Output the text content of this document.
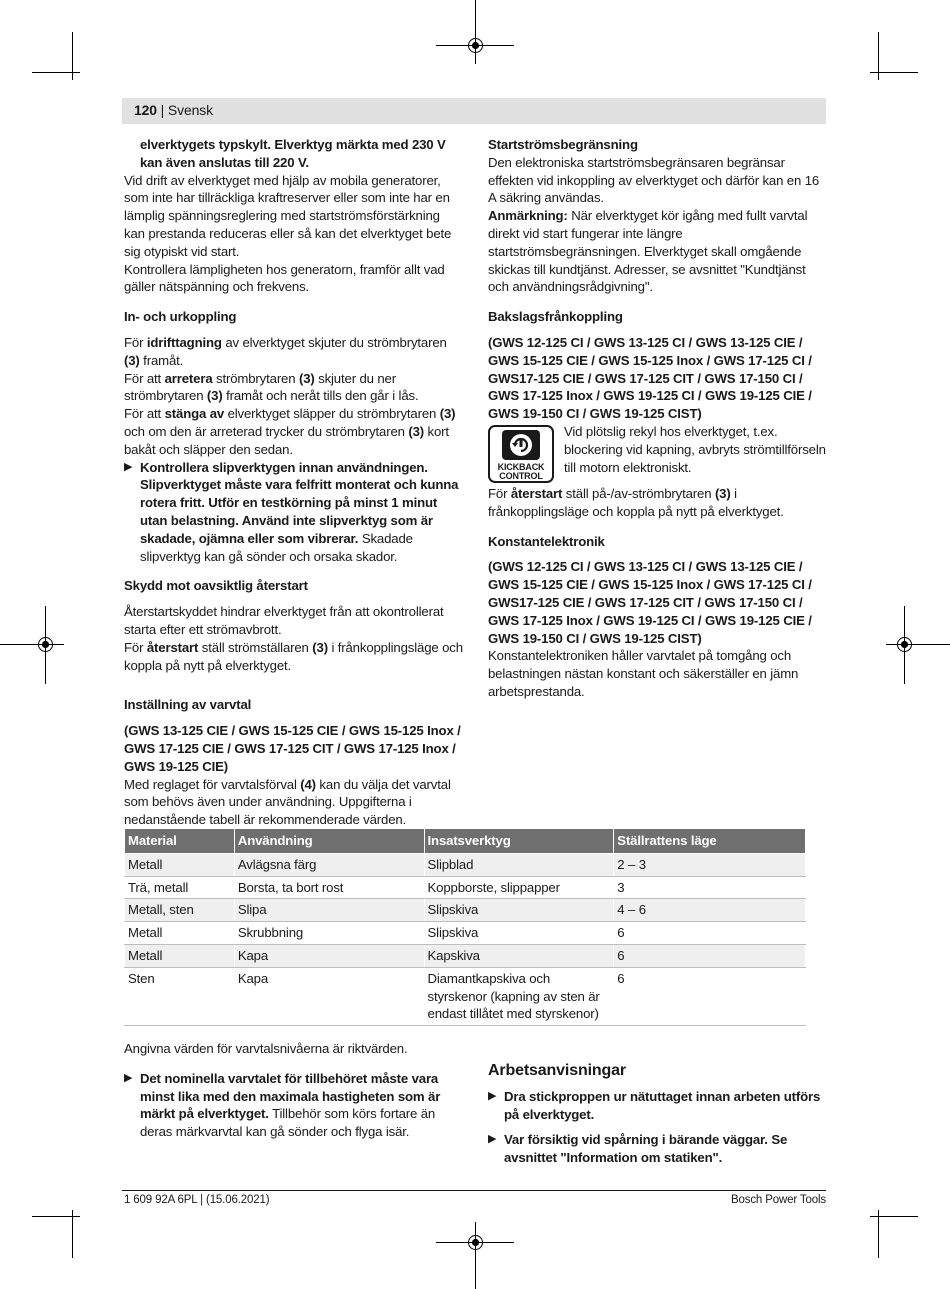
120 | Svensk

elverktygets typskylt. Elverktyg märkta med 230 V kan även anslutas till 220 V.

Vid drift av elverktyget med hjälp av mobila generatorer, som inte har tillräckliga kraftreserver eller som inte har en lämplig spänningsreglering med startströmsförstärkning kan prestanda reduceras eller så kan det elverktyget bete sig otypiskt vid start.

Kontrollera lämpligheten hos generatorn, framför allt vad gäller nätspänning och frekvens.

In- och urkoppling

För idrifttagning av elverktyget skjuter du strömbrytaren (3) framåt.

För att arretera strömbrytaren (3) skjuter du ner strömbrytaren (3) framåt och neråt tills den går i lås.

För att stänga av elverktyget släpper du strömbrytaren (3) och om den är arreterad trycker du strömbrytaren (3) kort bakåt och släpper den sedan.

▶ Kontrollera slipverktygen innan användningen. Slipverktyget måste vara felfritt monterat och kunna rotera fritt. Utför en testkörning på minst 1 minut utan belastning. Använd inte slipverktyg som är skadade, ojämna eller som vibrerar. Skadade slipverktyg kan gå sönder och orsaka skador.

Skydd mot oavsiktlig återstart

Återstartskyddet hindrar elverktyget från att okontrollerat starta efter ett strömavbrott.

För återstart ställ strömställaren (3) i frånkopplingsläge och koppla på nytt på elverktyget.

Inställning av varvtal

(GWS 13-125 CIE / GWS 15-125 CIE / GWS 15-125 Inox / GWS 17-125 CIE / GWS 17-125 CIT / GWS 17-125 Inox / GWS 19-125 CIE)

Med reglaget för varvtalsförval (4) kan du välja det varvtal som behövs även under användning. Uppgifterna i nedanstående tabell är rekommenderade värden.

Startströmsbegränsning

Den elektroniska startströmsbegränsaren begränsar effekten vid inkoppling av elverktyget och därför kan en 16 A säkring användas.

Anmärkning: När elverktyget kör igång med fullt varvtal direkt vid start fungerar inte längre startströmsbegränsningen. Elverktyget skall omgående skickas till kundtjänst. Adresser, se avsnittet "Kundtjänst och användningsrådgivning".

Bakslagsfrånkoppling

(GWS 12-125 CI / GWS 13-125 CI / GWS 13-125 CIE / GWS 15-125 CIE / GWS 15-125 Inox / GWS 17-125 CI / GWS17-125 CIE / GWS 17-125 CIT / GWS 17-150 CI / GWS 17-125 Inox / GWS 19-125 CI / GWS 19-125 CIE / GWS 19-150 CI / GWS 19-125 CIST)

KICKBACK
CONTROL

Vid plötslig rekyl hos elverktyget, t.ex. blockering vid kapning, avbryts strömtillförseln till motorn elektroniskt.

För återstart ställ på-/av-strömbrytaren (3) i frånkopplingsläge och koppla på nytt på elverktyget.

Konstantelektronik

(GWS 12-125 CI / GWS 13-125 CI / GWS 13-125 CIE / GWS 15-125 CIE / GWS 15-125 Inox / GWS 17-125 CI / GWS17-125 CIE / GWS 17-125 CIT / GWS 17-150 CI / GWS 17-125 Inox / GWS 19-125 CI / GWS 19-125 CIE / GWS 19-150 CI / GWS 19-125 CIST)

Konstantelektroniken håller varvtalet på tomgång och belastningen nästan konstant och säkerställer en jämn arbetsprestanda.

Material	Användning	Insatsverktyg	Ställrattens läge
Metall	Avlägsna färg	Slipblad	2 – 3
Trä, metall	Borsta, ta bort rost	Koppborste, slippapper	3
Metall, sten	Slipa	Slipskiva	4 – 6
Metall	Skrubbning	Slipskiva	6
Metall	Kapa	Kapskiva	6
Sten	Kapa	Diamantkapskiva och styrskenor (kapning av sten är endast tillåtet med styrskenor)	6

Angivna värden för varvtalsnivåerna är riktvärden.

▶ Det nominella varvtalet för tillbehöret måste vara minst lika med den maximala hastigheten som är märkt på elverktyget. Tillbehör som körs fortare än deras märkvarvtal kan gå sönder och flyga isär.

Arbetsanvisningar

▶ Dra stickproppen ur nätuttaget innan arbeten utförs på elverktyget.

▶ Var försiktig vid spårning i bärande väggar. Se avsnittet "Information om statiken".

1 609 92A 6PL | (15.06.2021)	Bosch Power Tools
